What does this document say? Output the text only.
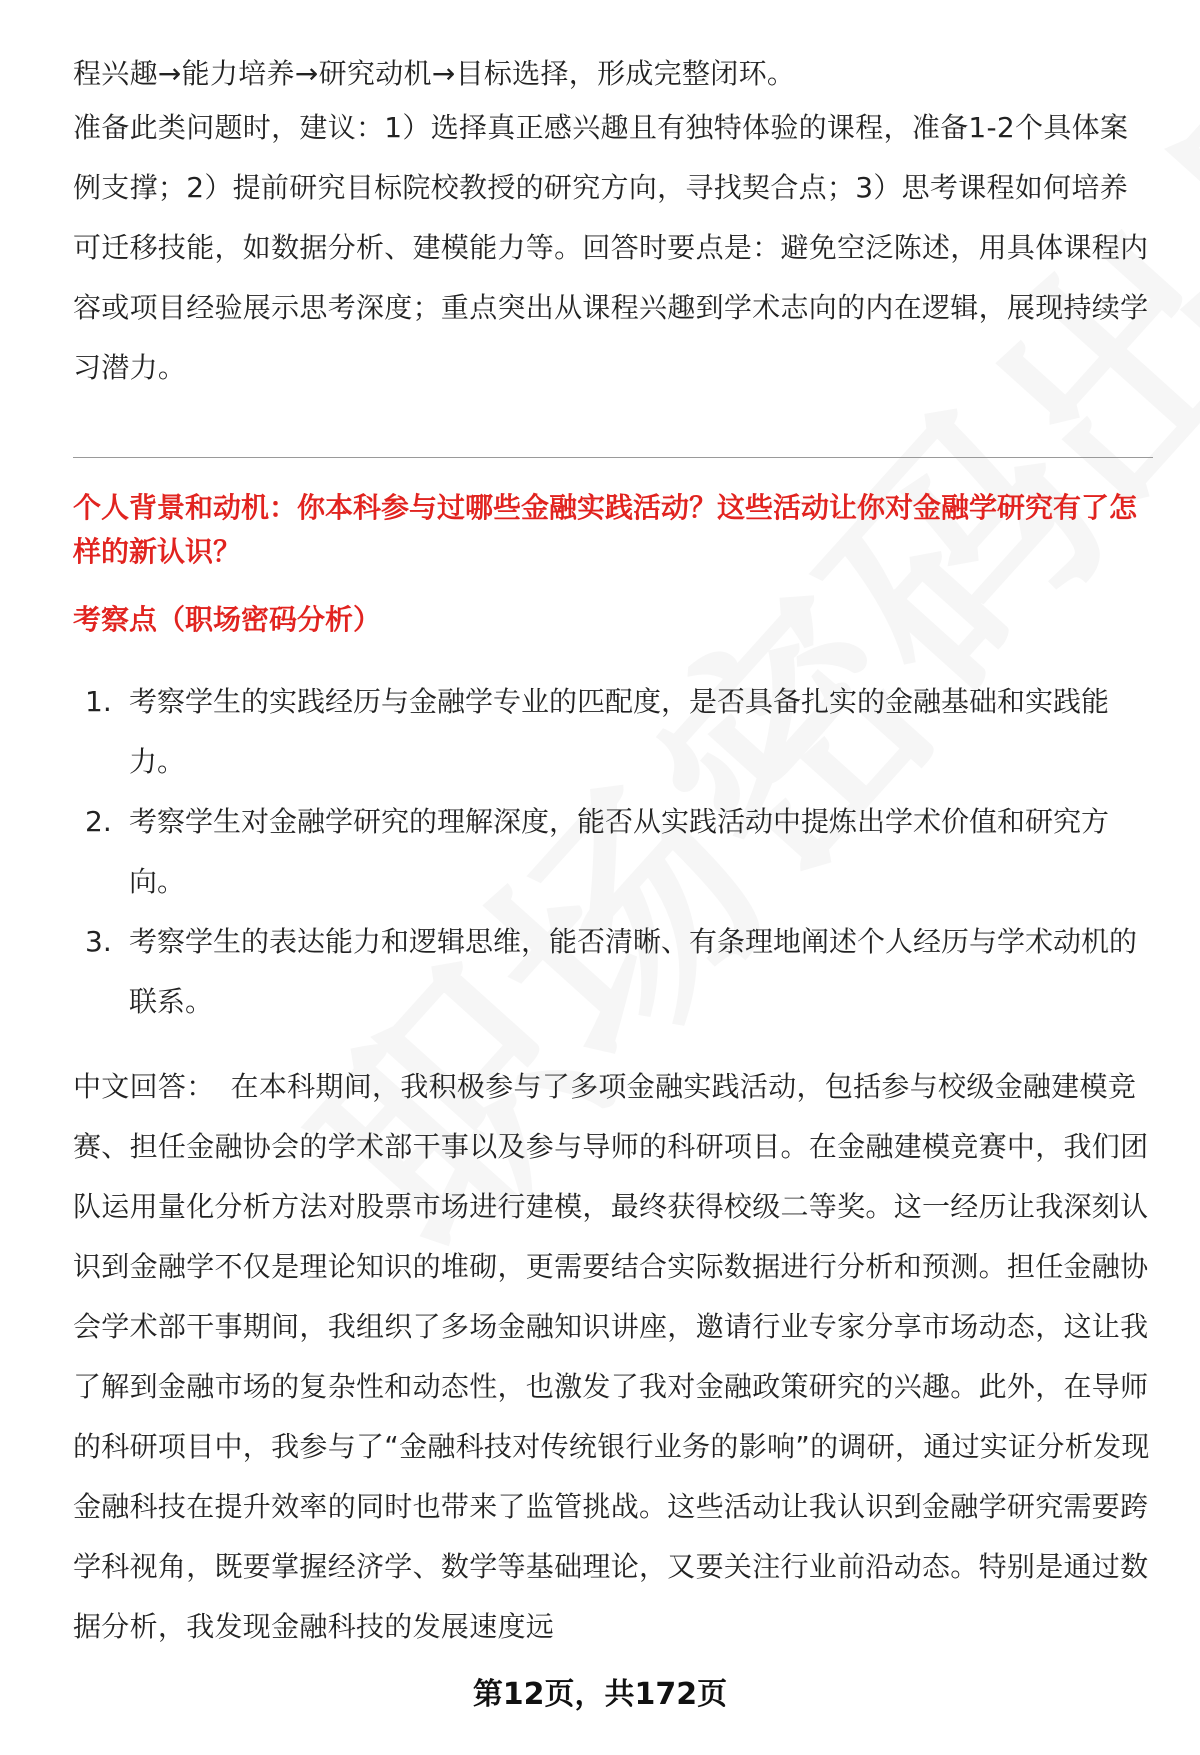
程兴趣→能力培养→研究动机→目标选择，形成完整闭环。

准备此类问题时，建议：1）选择真正感兴趣且有独特体验的课程，准备1-2个具体案例支撑；2）提前研究目标院校教授的研究方向，寻找契合点；3）思考课程如何培养可迁移技能，如数据分析、建模能力等。回答时要点是：避免空泛陈述，用具体课程内容或项目经验展示思考深度；重点突出从课程兴趣到学术志向的内在逻辑，展现持续学习潜力。

个人背景和动机：你本科参与过哪些金融实践活动？这些活动让你对金融学研究有了怎样的新认识？
考察点（职场密码分析）
1. 考察学生的实践经历与金融学专业的匹配度，是否具备扎实的金融基础和实践能力。
2. 考察学生对金融学研究的理解深度，能否从实践活动中提炼出学术价值和研究方向。
3. 考察学生的表达能力和逻辑思维，能否清晰、有条理地阐述个人经历与学术动机的联系。

中文回答： 在本科期间，我积极参与了多项金融实践活动，包括参与校级金融建模竞赛、担任金融协会的学术部干事以及参与导师的科研项目。在金融建模竞赛中，我们团队运用量化分析方法对股票市场进行建模，最终获得校级二等奖。这一经历让我深刻认识到金融学不仅是理论知识的堆砌，更需要结合实际数据进行分析和预测。担任金融协会学术部干事期间，我组织了多场金融知识讲座，邀请行业专家分享市场动态，这让我了解到金融市场的复杂性和动态性，也激发了我对金融政策研究的兴趣。此外，在导师的科研项目中，我参与了“金融科技对传统银行业务的影响”的调研，通过实证分析发现金融科技在提升效率的同时也带来了监管挑战。这些活动让我认识到金融学研究需要跨学科视角，既要掌握经济学、数学等基础理论，又要关注行业前沿动态。特别是通过数据分析，我发现金融科技的发展速度远

第12页，共172页
